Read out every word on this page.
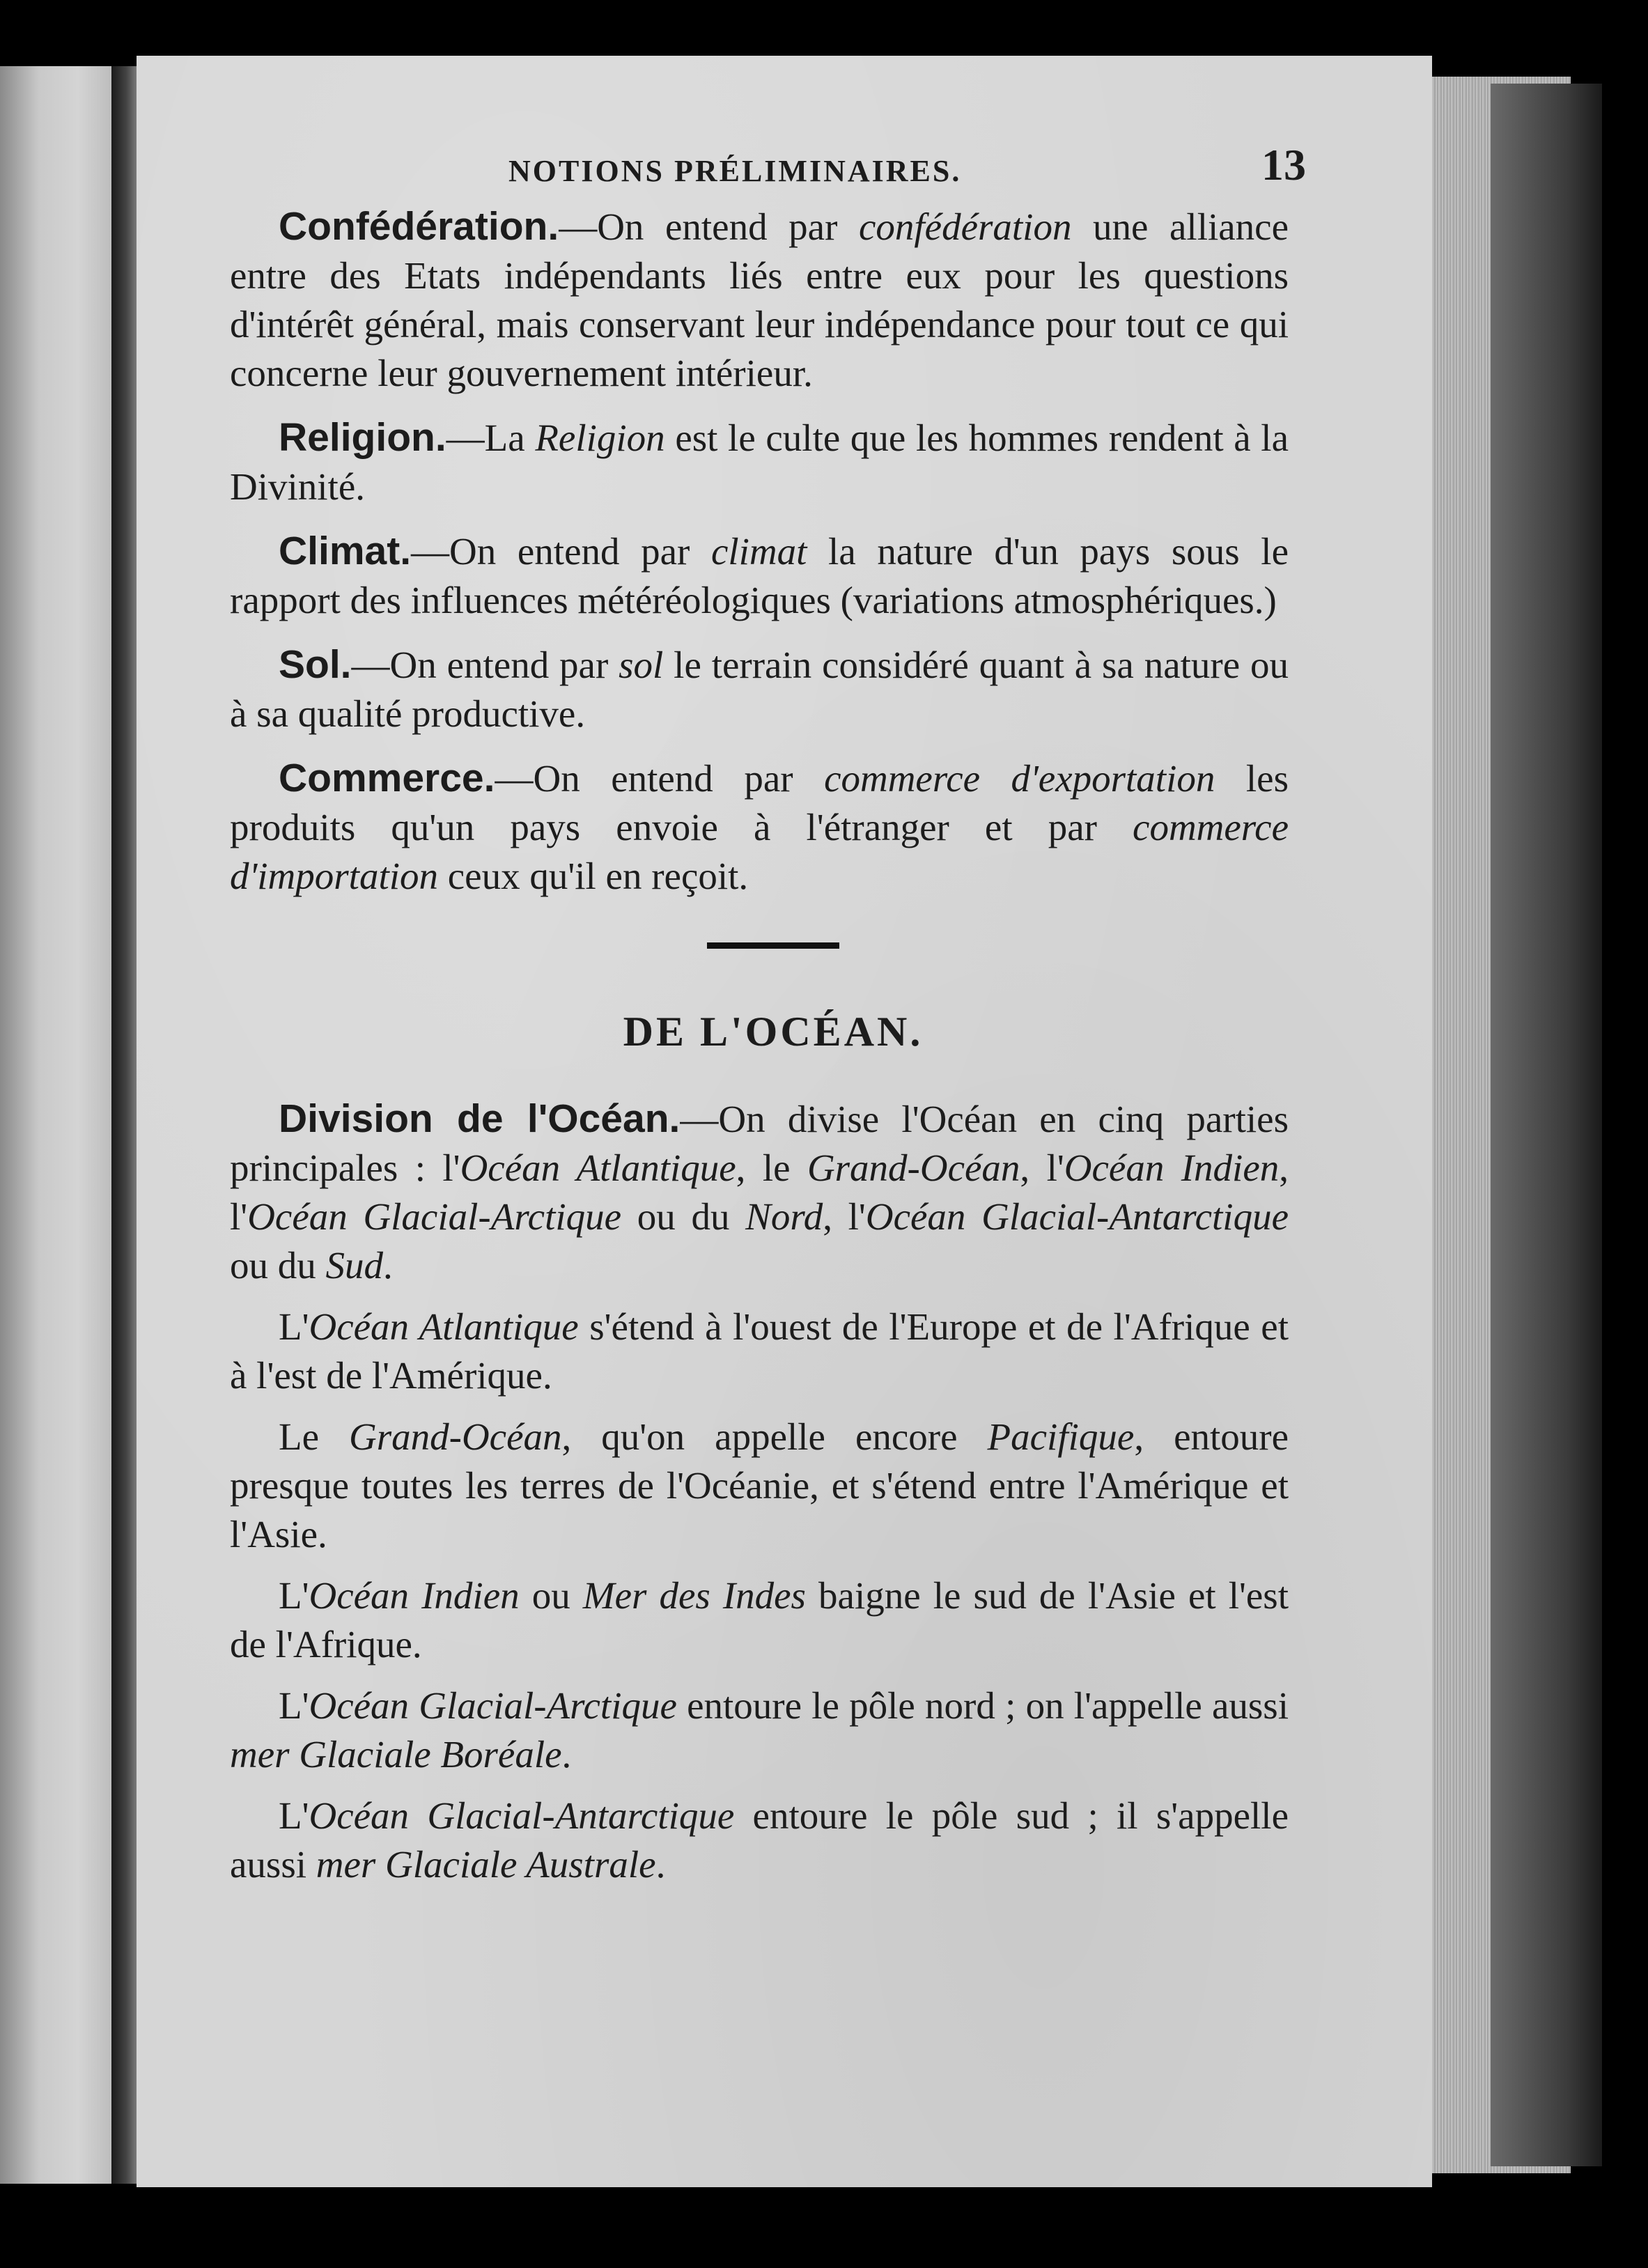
NOTIONS PRÉLIMINAIRES.	13

Confédération.—On entend par confédération une alliance entre des Etats indépendants liés entre eux pour les questions d'intérêt général, mais conservant leur indépendance pour tout ce qui concerne leur gouvernement intérieur.

Religion.—La Religion est le culte que les hommes rendent à la Divinité.

Climat.—On entend par climat la nature d'un pays sous le rapport des influences météréologiques (variations atmosphériques.)

Sol.—On entend par sol le terrain considéré quant à sa nature ou à sa qualité productive.

Commerce.—On entend par commerce d'exportation les produits qu'un pays envoie à l'étranger et par commerce d'importation ceux qu'il en reçoit.

DE L'OCÉAN.

Division de l'Océan.—On divise l'Océan en cinq parties principales : l'Océan Atlantique, le Grand-Océan, l'Océan Indien, l'Océan Glacial-Arctique ou du Nord, l'Océan Glacial-Antarctique ou du Sud.

L'Océan Atlantique s'étend à l'ouest de l'Europe et de l'Afrique et à l'est de l'Amérique.

Le Grand-Océan, qu'on appelle encore Pacifique, entoure presque toutes les terres de l'Océanie, et s'étend entre l'Amérique et l'Asie.

L'Océan Indien ou Mer des Indes baigne le sud de l'Asie et l'est de l'Afrique.

L'Océan Glacial-Arctique entoure le pôle nord ; on l'appelle aussi mer Glaciale Boréale.

L'Océan Glacial-Antarctique entoure le pôle sud ; il s'appelle aussi mer Glaciale Australe.
